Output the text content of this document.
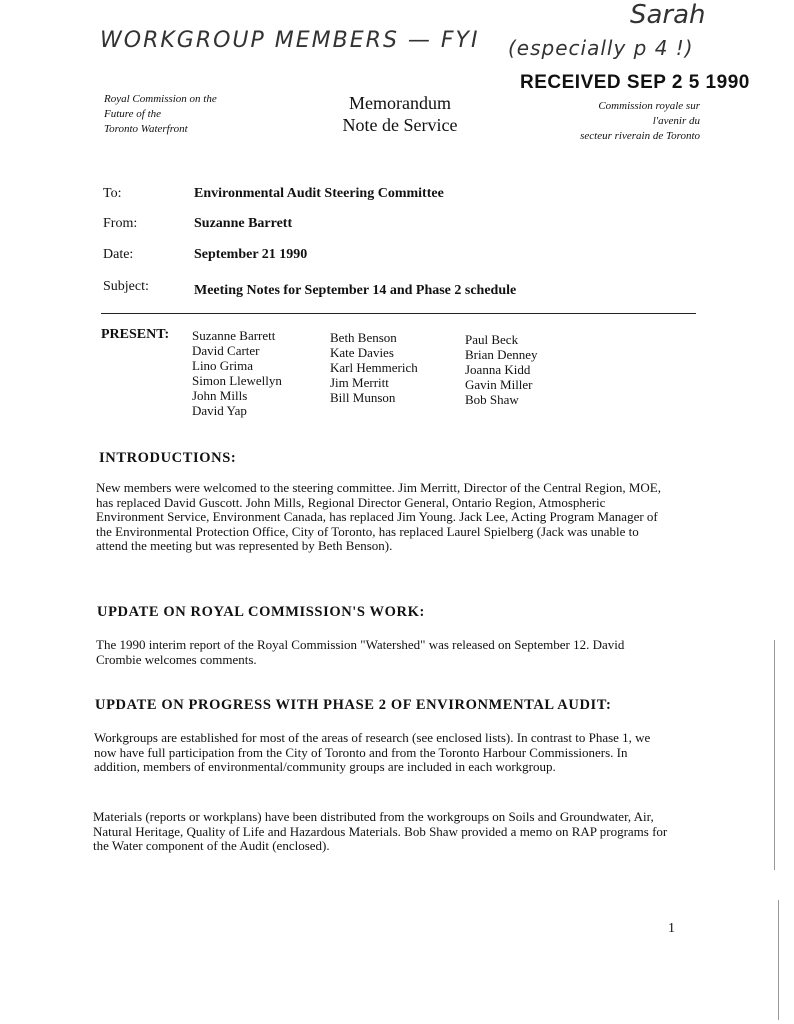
WORKGROUP MEMBERS — FYI (especially p 4 !)
Sarah
RECEIVED SEP 2 5 1990
Royal Commission on the
Future of the
Toronto Waterfront
Memorandum
Note de Service
Commission royale sur
l'avenir du
secteur riverain de Toronto
To:	Environmental Audit Steering Committee
From:	Suzanne Barrett
Date:	September 21 1990
Subject:	Meeting Notes for September 14 and Phase 2 schedule
PRESENT: Suzanne Barrett
David Carter
Lino Grima
Simon Llewellyn
John Mills
David Yap
Beth Benson
Kate Davies
Karl Hemmerich
Jim Merritt
Bill Munson
Paul Beck
Brian Denney
Joanna Kidd
Gavin Miller
Bob Shaw
INTRODUCTIONS:
New members were welcomed to the steering committee. Jim Merritt, Director of the Central Region, MOE, has replaced David Guscott. John Mills, Regional Director General, Ontario Region, Atmospheric Environment Service, Environment Canada, has replaced Jim Young. Jack Lee, Acting Program Manager of the Environmental Protection Office, City of Toronto, has replaced Laurel Spielberg (Jack was unable to attend the meeting but was represented by Beth Benson).
UPDATE ON ROYAL COMMISSION'S WORK:
The 1990 interim report of the Royal Commission "Watershed" was released on September 12. David Crombie welcomes comments.
UPDATE ON PROGRESS WITH PHASE 2 OF ENVIRONMENTAL AUDIT:
Workgroups are established for most of the areas of research (see enclosed lists). In contrast to Phase 1, we now have full participation from the City of Toronto and from the Toronto Harbour Commissioners. In addition, members of environmental/community groups are included in each workgroup.
Materials (reports or workplans) have been distributed from the workgroups on Soils and Groundwater, Air, Natural Heritage, Quality of Life and Hazardous Materials. Bob Shaw provided a memo on RAP programs for the Water component of the Audit (enclosed).
1
